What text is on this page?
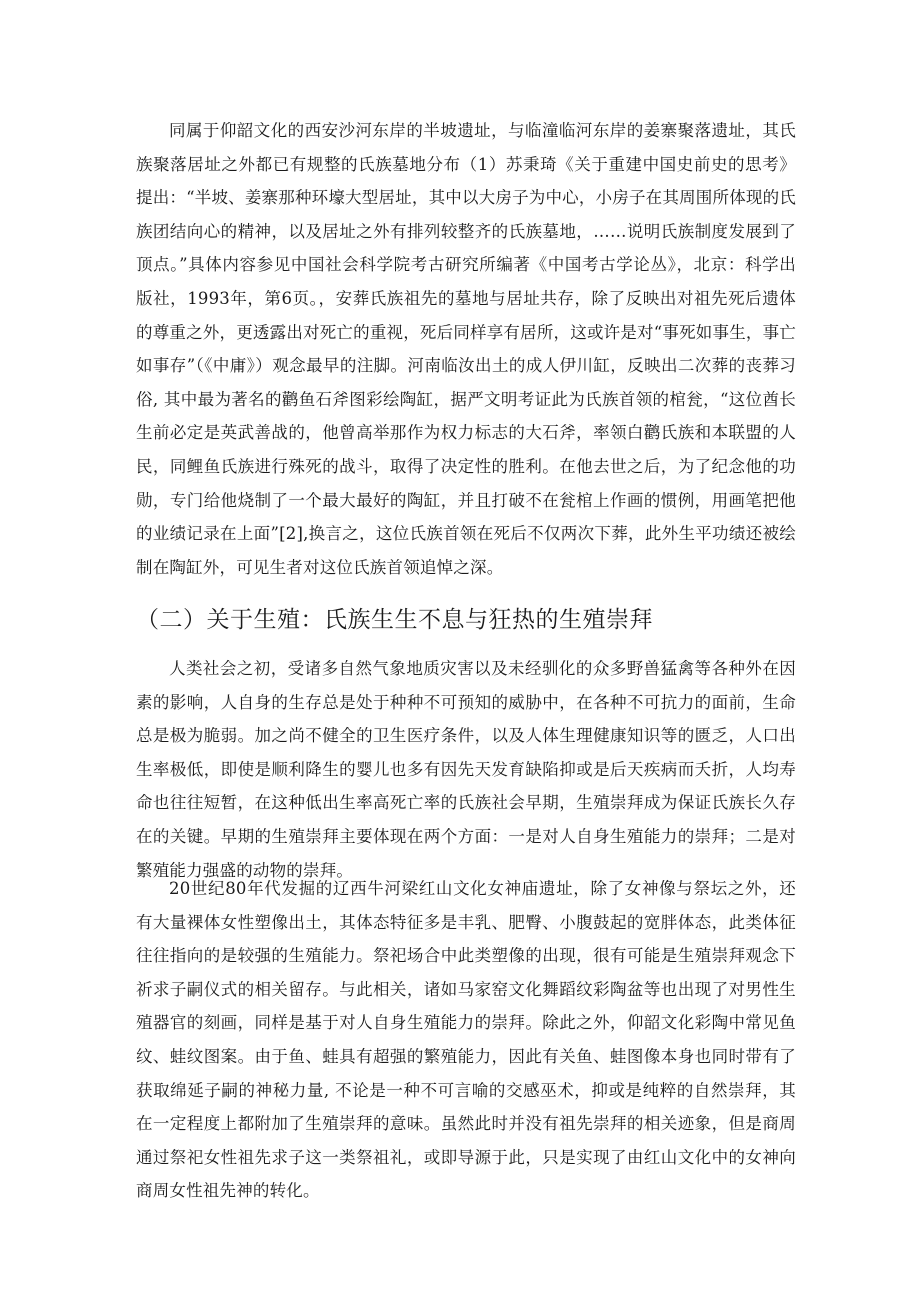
同属于仰韶文化的西安沙河东岸的半坡遗址，与临潼临河东岸的姜寨聚落遗址，其氏族聚落居址之外都已有规整的氏族墓地分布（1）苏秉琦《关于重建中国史前史的思考》提出：“半坡、姜寨那种环壕大型居址，其中以大房子为中心，小房子在其周围所体现的氏族团结向心的精神，以及居址之外有排列较整齐的氏族墓地，……说明氏族制度发展到了顶点。”具体内容参见中国社会科学院考古研究所编著《中国考古学论丛》，北京：科学出版社，1993年，第6页。，安葬氏族祖先的墓地与居址共存，除了反映出对祖先死后遗体的尊重之外，更透露出对死亡的重视，死后同样享有居所，这或许是对“事死如事生，事亡如事存”（《中庸》）观念最早的注脚。河南临汝出土的成人伊川缸，反映出二次葬的丧葬习俗, 其中最为著名的鹳鱼石斧图彩绘陶缸，据严文明考证此为氏族首领的棺瓮，“这位酋长生前必定是英武善战的，他曾高举那作为权力标志的大石斧，率领白鹳氏族和本联盟的人民，同鲤鱼氏族进行殊死的战斗，取得了决定性的胜利。在他去世之后，为了纪念他的功勋，专门给他烧制了一个最大最好的陶缸，并且打破不在瓮棺上作画的惯例，用画笔把他的业绩记录在上面”[2],换言之，这位氏族首领在死后不仅两次下葬，此外生平功绩还被绘制在陶缸外，可见生者对这位氏族首领追悼之深。

（二）关于生殖：氏族生生不息与狂热的生殖崇拜

人类社会之初，受诸多自然气象地质灾害以及未经驯化的众多野兽猛禽等各种外在因素的影响，人自身的生存总是处于种种不可预知的威胁中，在各种不可抗力的面前，生命总是极为脆弱。加之尚不健全的卫生医疗条件，以及人体生理健康知识等的匮乏，人口出生率极低，即使是顺利降生的婴儿也多有因先天发育缺陷抑或是后天疾病而夭折，人均寿命也往往短暂，在这种低出生率高死亡率的氏族社会早期，生殖崇拜成为保证氏族长久存在的关键。早期的生殖崇拜主要体现在两个方面：一是对人自身生殖能力的崇拜；二是对繁殖能力强盛的动物的崇拜。

20世纪80年代发掘的辽西牛河梁红山文化女神庙遗址，除了女神像与祭坛之外，还有大量裸体女性塑像出土，其体态特征多是丰乳、肥臀、小腹鼓起的宽胖体态，此类体征往往指向的是较强的生殖能力。祭祀场合中此类塑像的出现，很有可能是生殖崇拜观念下祈求子嗣仪式的相关留存。与此相关，诸如马家窑文化舞蹈纹彩陶盆等也出现了对男性生殖器官的刻画，同样是基于对人自身生殖能力的崇拜。除此之外，仰韶文化彩陶中常见鱼纹、蛙纹图案。由于鱼、蛙具有超强的繁殖能力，因此有关鱼、蛙图像本身也同时带有了获取绵延子嗣的神秘力量, 不论是一种不可言喻的交感巫术，抑或是纯粹的自然崇拜，其在一定程度上都附加了生殖崇拜的意味。虽然此时并没有祖先崇拜的相关迹象，但是商周通过祭祀女性祖先求子这一类祭祖礼，或即导源于此，只是实现了由红山文化中的女神向商周女性祖先神的转化。
